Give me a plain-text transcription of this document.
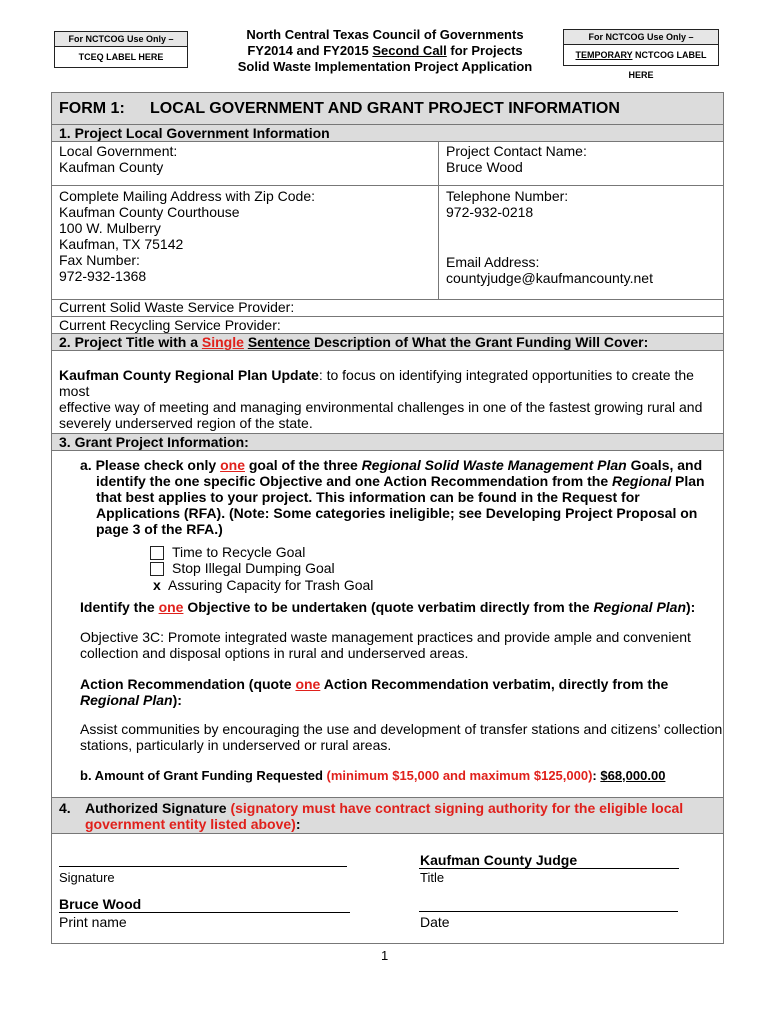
For NCTCOG Use Only –
TCEQ LABEL HERE
North Central Texas Council of Governments
FY2014 and FY2015 Second Call for Projects
Solid Waste Implementation Project Application
For NCTCOG Use Only –
TEMPORARY NCTCOG LABEL HERE
FORM 1: LOCAL GOVERNMENT AND GRANT PROJECT INFORMATION
1. Project Local Government Information
Local Government:
Kaufman County
Project Contact Name:
Bruce Wood
Complete Mailing Address with Zip Code:
Kaufman County Courthouse
100 W. Mulberry
Kaufman, TX 75142
Fax Number:
972-932-1368
Telephone Number:
972-932-0218
Email Address:
countyjudge@kaufmancounty.net
Current Solid Waste Service Provider:
Current Recycling Service Provider:
2. Project Title with a Single Sentence Description of What the Grant Funding Will Cover:
Kaufman County Regional Plan Update: to focus on identifying integrated opportunities to create the most
effective way of meeting and managing environmental challenges in one of the fastest growing rural and
severely underserved region of the state.
3. Grant Project Information:
a. Please check only one goal of the three Regional Solid Waste Management Plan Goals, and
identify the one specific Objective and one Action Recommendation from the Regional Plan
that best applies to your project. This information can be found in the Request for
Applications (RFA). (Note: Some categories ineligible; see Developing Project Proposal on
page 3 of the RFA.)
Time to Recycle Goal
Stop Illegal Dumping Goal
x Assuring Capacity for Trash Goal
Identify the one Objective to be undertaken (quote verbatim directly from the Regional Plan):
Objective 3C: Promote integrated waste management practices and provide ample and convenient
collection and disposal options in rural and underserved areas.
Action Recommendation (quote one Action Recommendation verbatim, directly from the
Regional Plan):
Assist communities by encouraging the use and development of transfer stations and citizens’ collection
stations, particularly in underserved or rural areas.
b. Amount of Grant Funding Requested (minimum $15,000 and maximum $125,000): $68,000.00
4. Authorized Signature (signatory must have contract signing authority for the eligible local
government entity listed above):
Signature
Kaufman County Judge
Title
Bruce Wood
Print name	Date
1
